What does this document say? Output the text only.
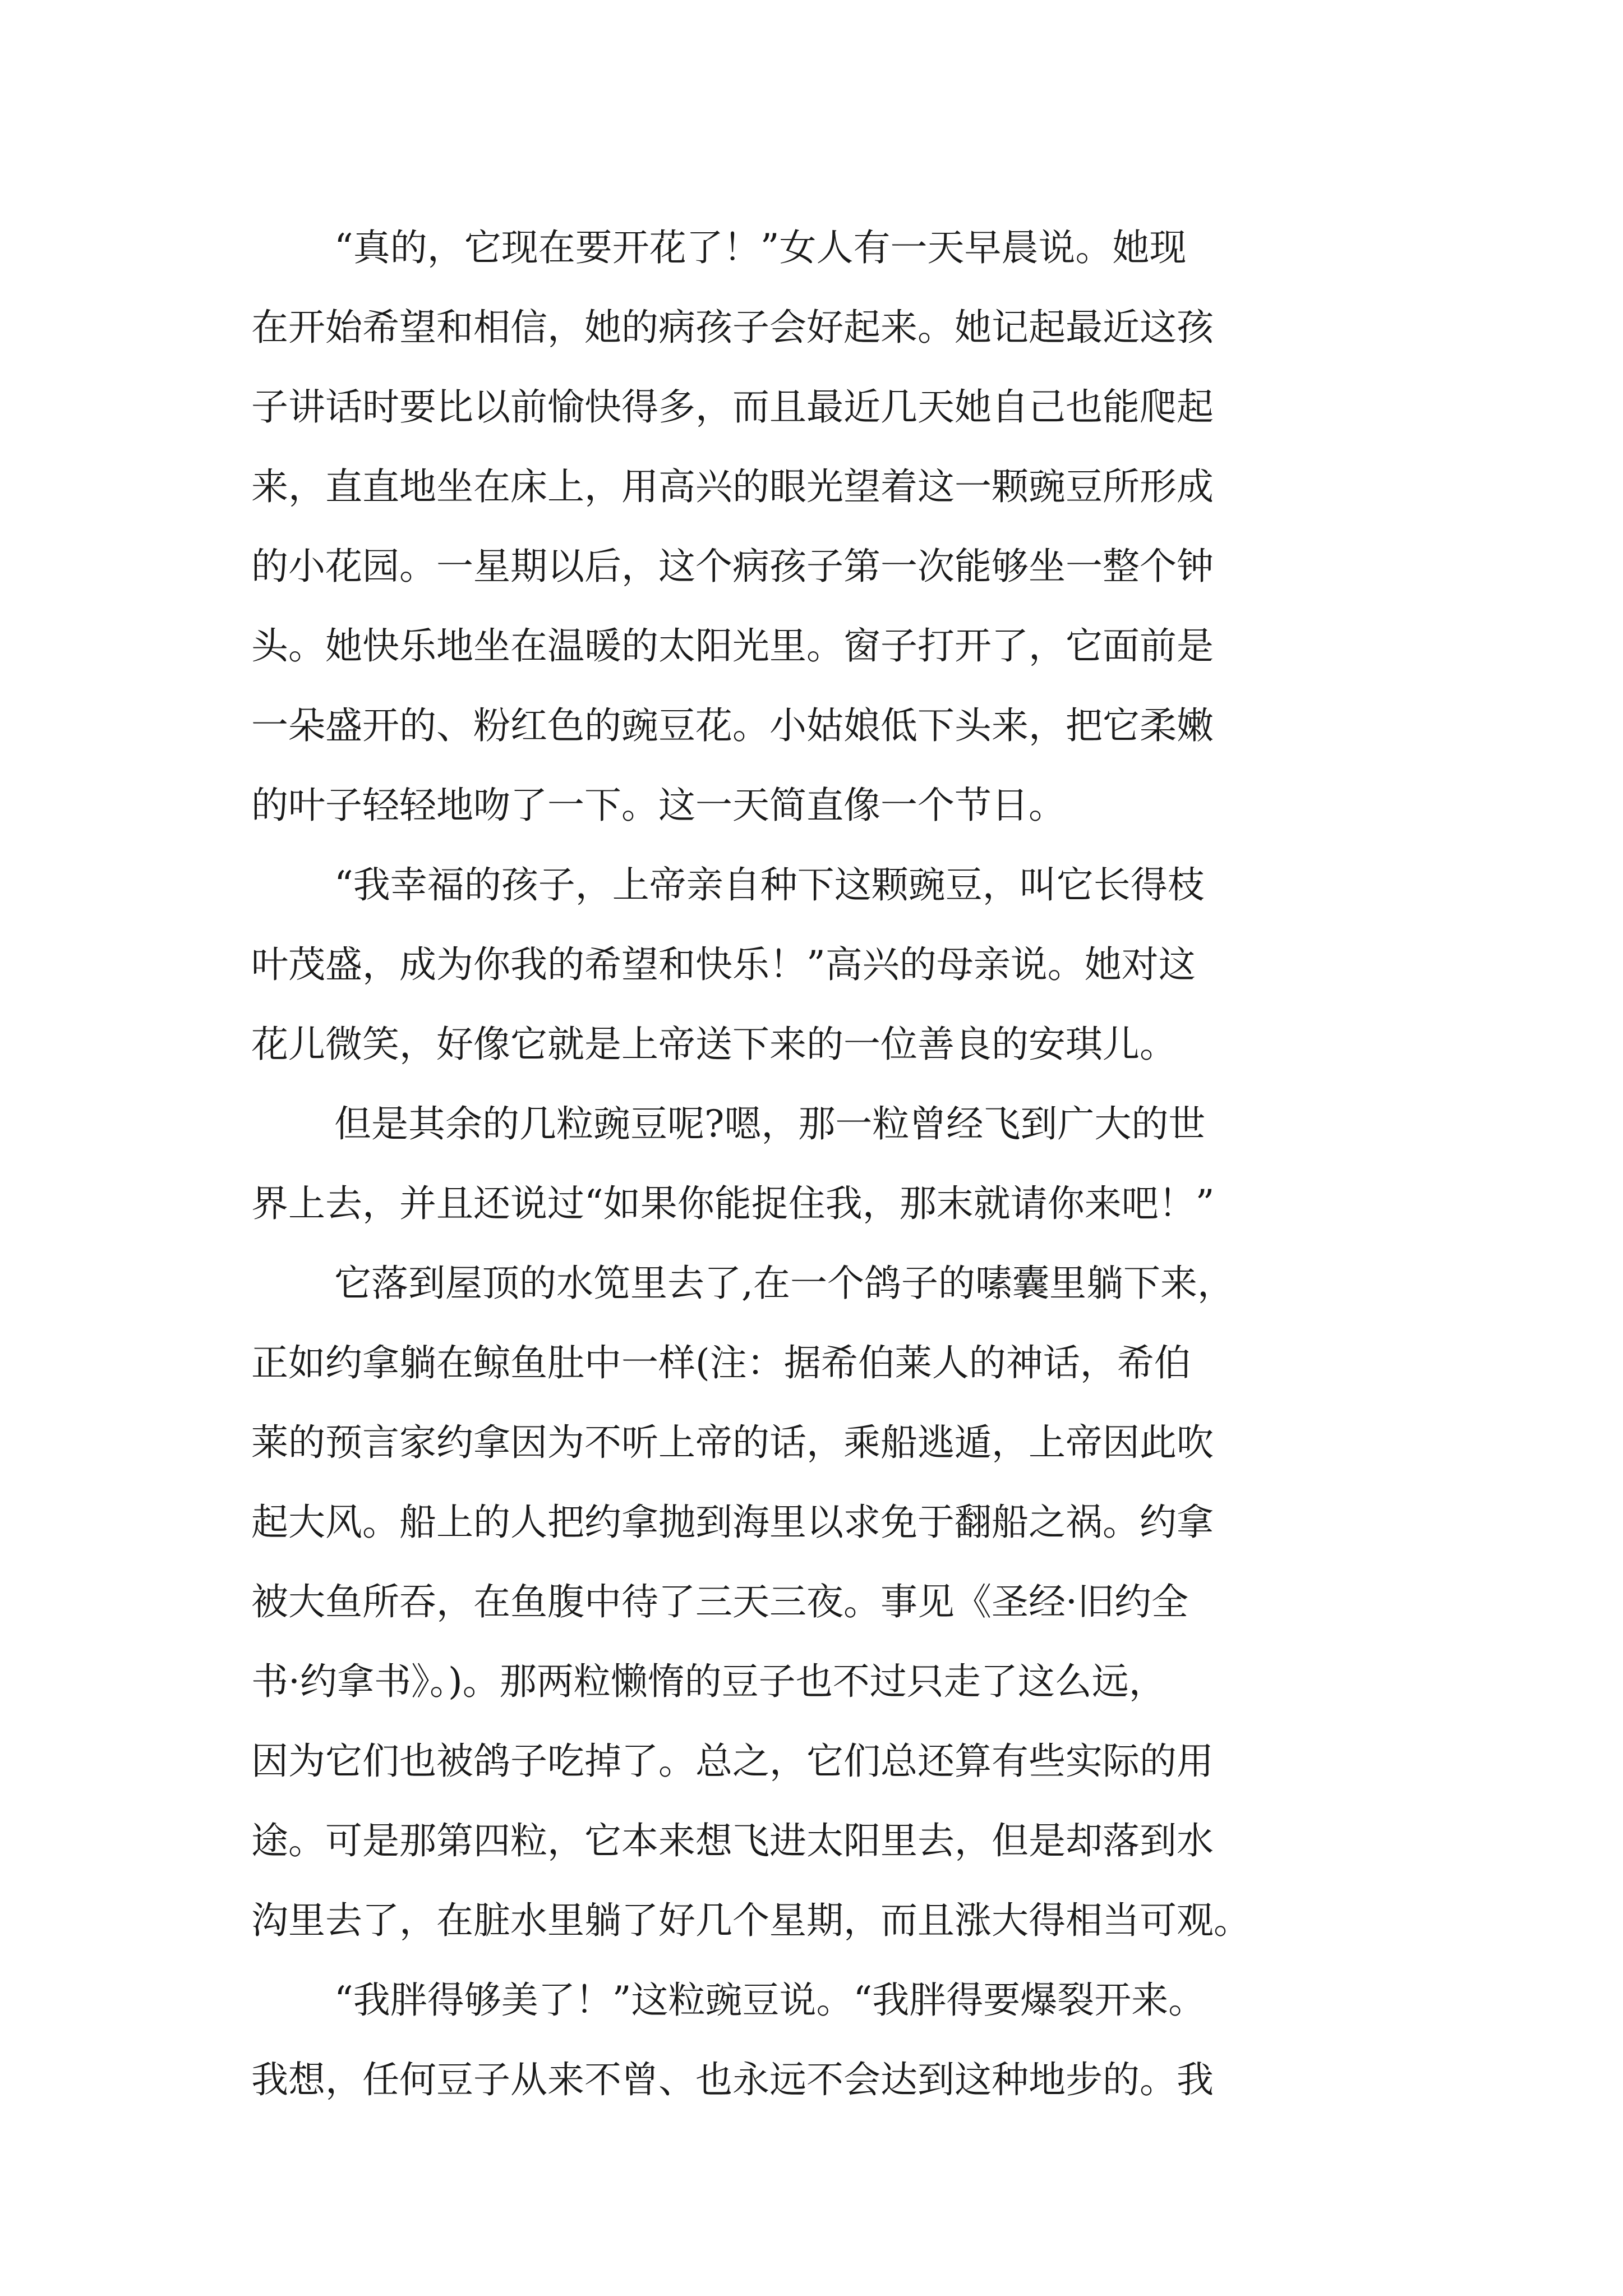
“真的，它现在要开花了！”女人有一天早晨说。她现
在开始希望和相信，她的病孩子会好起来。她记起最近这孩
子讲话时要比以前愉快得多，而且最近几天她自己也能爬起
来，直直地坐在床上，用高兴的眼光望着这一颗豌豆所形成
的小花园。一星期以后，这个病孩子第一次能够坐一整个钟
头。她快乐地坐在温暖的太阳光里。窗子打开了，它面前是
一朵盛开的、粉红色的豌豆花。小姑娘低下头来，把它柔嫩
的叶子轻轻地吻了一下。这一天简直像一个节日。

“我幸福的孩子，上帝亲自种下这颗豌豆，叫它长得枝
叶茂盛，成为你我的希望和快乐！”高兴的母亲说。她对这
花儿微笑，好像它就是上帝送下来的一位善良的安琪儿。

但是其余的几粒豌豆呢?嗯，那一粒曾经飞到广大的世
界上去，并且还说过“如果你能捉住我，那末就请你来吧！”

它落到屋顶的水笕里去了,在一个鸽子的嗉囊里躺下来，
正如约拿躺在鲸鱼肚中一样(注：据希伯莱人的神话，希伯
莱的预言家约拿因为不听上帝的话，乘船逃遁，上帝因此吹
起大风。船上的人把约拿抛到海里以求免于翻船之祸。约拿
被大鱼所吞，在鱼腹中待了三天三夜。事见《圣经·旧约全
书·约拿书》。)。那两粒懒惰的豆子也不过只走了这么远，
因为它们也被鸽子吃掉了。总之，它们总还算有些实际的用
途。可是那第四粒，它本来想飞进太阳里去，但是却落到水
沟里去了，在脏水里躺了好几个星期，而且涨大得相当可观。

“我胖得够美了！”这粒豌豆说。“我胖得要爆裂开来。
我想，任何豆子从来不曾、也永远不会达到这种地步的。我
